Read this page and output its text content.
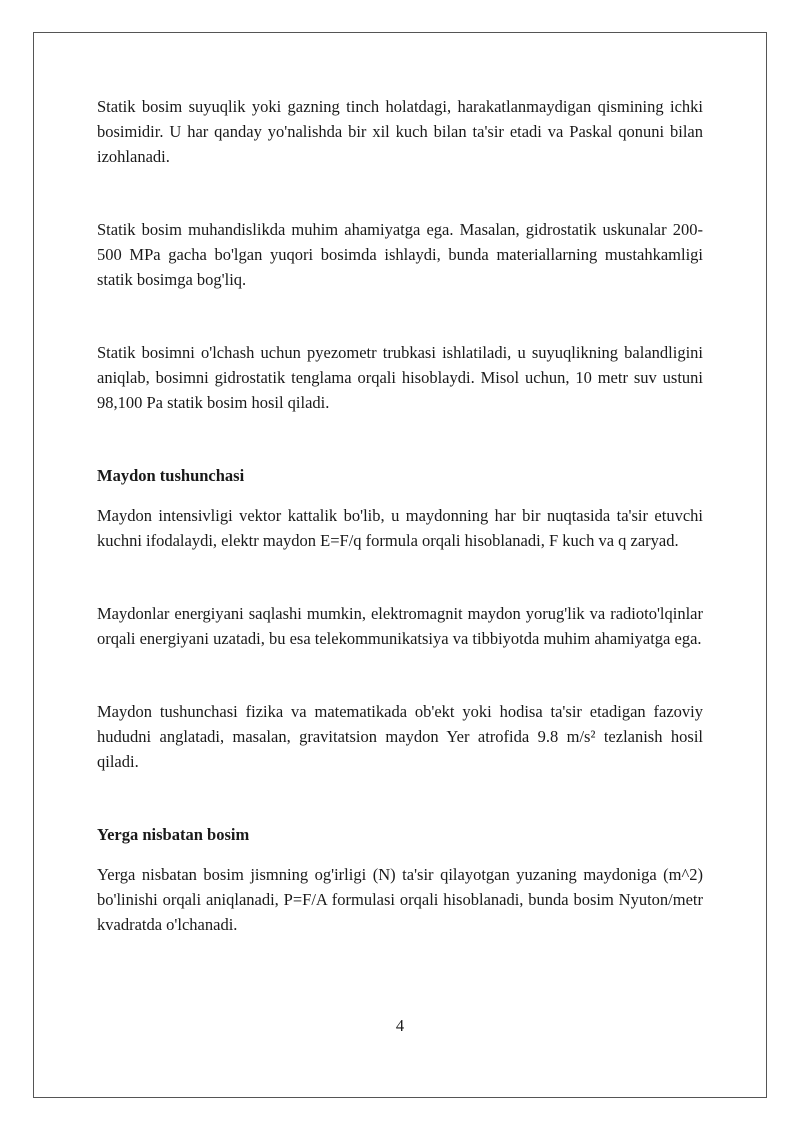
Statik bosim suyuqlik yoki gazning tinch holatdagi, harakatlanmaydigan qismining ichki bosimidir. U har qanday yo'nalishda bir xil kuch bilan ta'sir etadi va Paskal qonuni bilan izohlanadi.

Statik bosim muhandislikda muhim ahamiyatga ega. Masalan, gidrostatik uskunalar 200-500 MPa gacha bo'lgan yuqori bosimda ishlaydi, bunda materiallarning mustahkamligi statik bosimga bog'liq.

Statik bosimni o'lchash uchun pyezometr trubkasi ishlatiladi, u suyuqlikning balandligini aniqlab, bosimni gidrostatik tenglama orqali hisoblaydi. Misol uchun, 10 metr suv ustuni 98,100 Pa statik bosim hosil qiladi.

Maydon tushunchasi

Maydon intensivligi vektor kattalik bo'lib, u maydonning har bir nuqtasida ta'sir etuvchi kuchni ifodalaydi, elektr maydon E=F/q formula orqali hisoblanadi, F kuch va q zaryad.

Maydonlar energiyani saqlashi mumkin, elektromagnit maydon yorug'lik va radioto'lqinlar orqali energiyani uzatadi, bu esa telekommunikatsiya va tibbiyotda muhim ahamiyatga ega.

Maydon tushunchasi fizika va matematikada ob'ekt yoki hodisa ta'sir etadigan fazoviy hududni anglatadi, masalan, gravitatsion maydon Yer atrofida 9.8 m/s² tezlanish hosil qiladi.

Yerga nisbatan bosim

Yerga nisbatan bosim jismning og'irligi (N) ta'sir qilayotgan yuzaning maydoniga (m^2) bo'linishi orqali aniqlanadi, P=F/A formulasi orqali hisoblanadi, bunda bosim Nyuton/metr kvadratda o'lchanadi.

4
